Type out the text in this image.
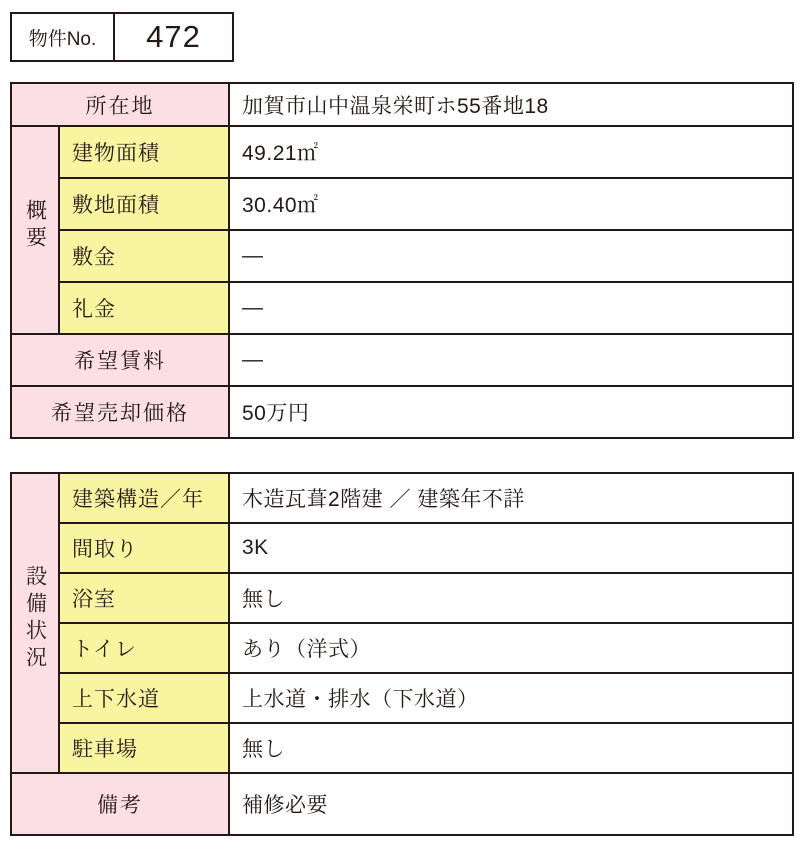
物件No.	472
所在地		加賀市山中温泉栄町ホ55番地18
概要	建物面積	49.21㎡
	敷地面積	30.40㎡
	敷金	―
	礼金	―
希望賃料		―
希望売却価格		50万円
設備状況	建築構造／年	木造瓦葺2階建 ／ 建築年不詳
	間取り	3K
	浴室	無し
	トイレ	あり（洋式）
	上下水道	上水道・排水（下水道）
	駐車場	無し
備考		補修必要
